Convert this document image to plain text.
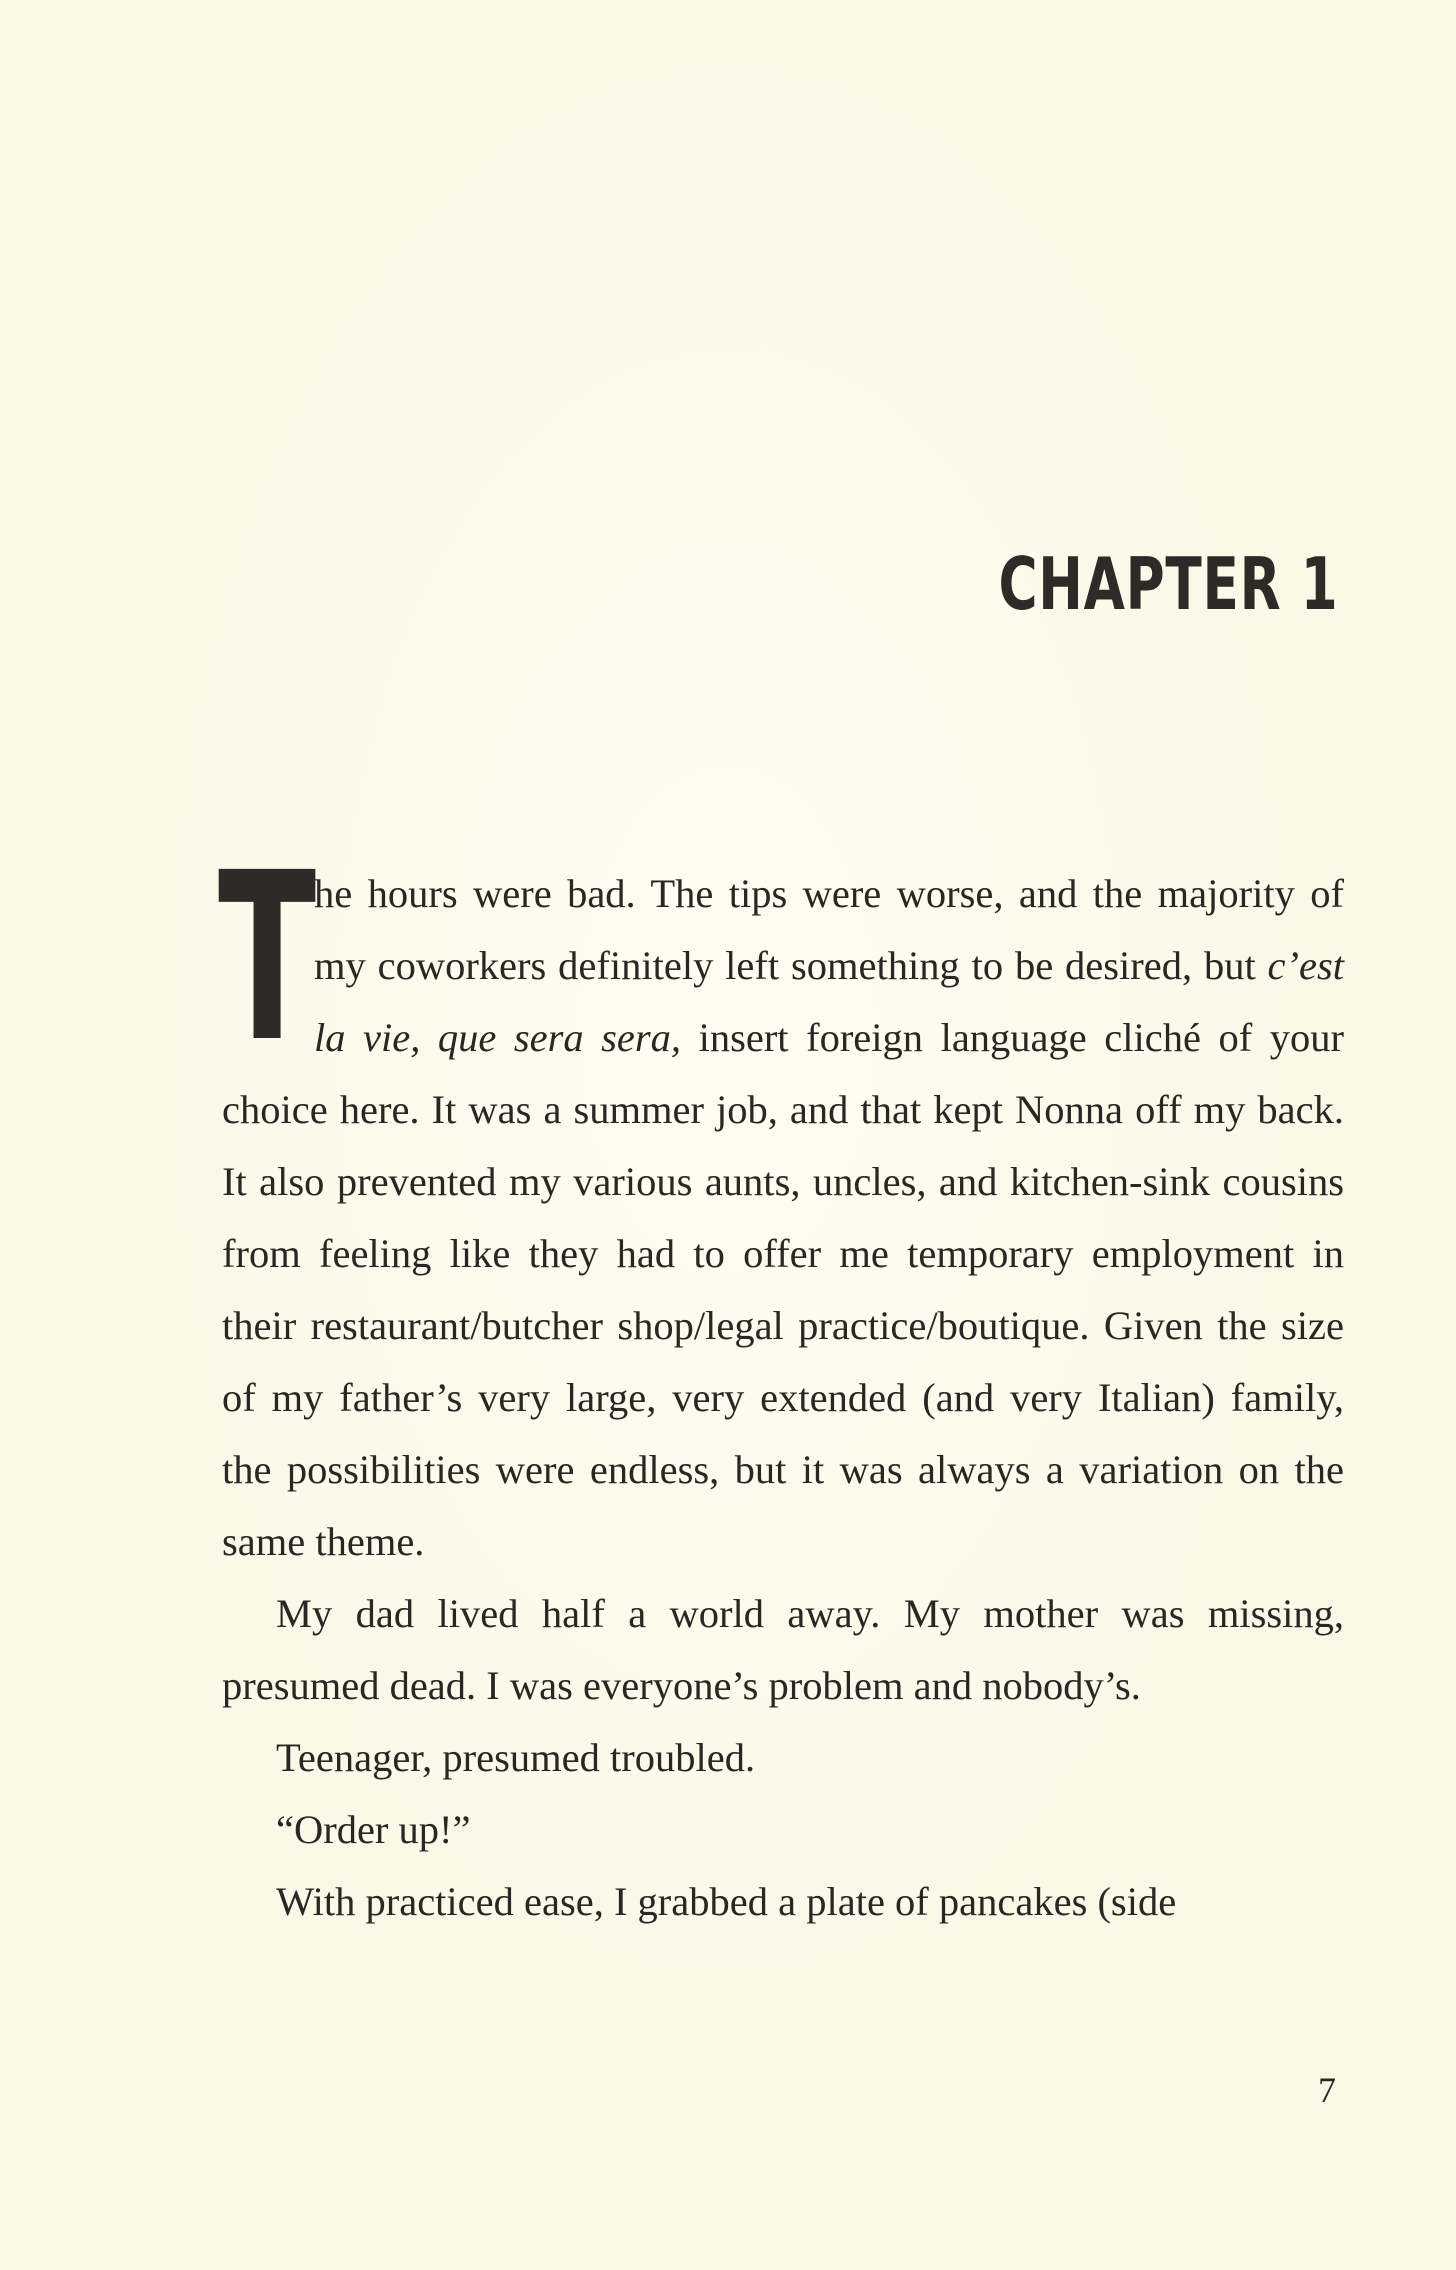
CHAPTER 1

T
he hours were bad. The tips were worse, and the majority of my coworkers definitely left something to be desired, but c’est la vie, que sera sera, insert foreign language cliché of your choice here. It was a summer job, and that kept Nonna off my back. It also prevented my various aunts, uncles, and kitchen-sink cousins from feeling like they had to offer me temporary employment in their restaurant/butcher shop/legal practice/boutique. Given the size of my father’s very large, very extended (and very Italian) family, the possibilities were endless, but it was always a variation on the same theme.

My dad lived half a world away. My mother was missing, presumed dead. I was everyone’s problem and nobody’s.

Teenager, presumed troubled.

“Order up!”

With practiced ease, I grabbed a plate of pancakes (side

7
